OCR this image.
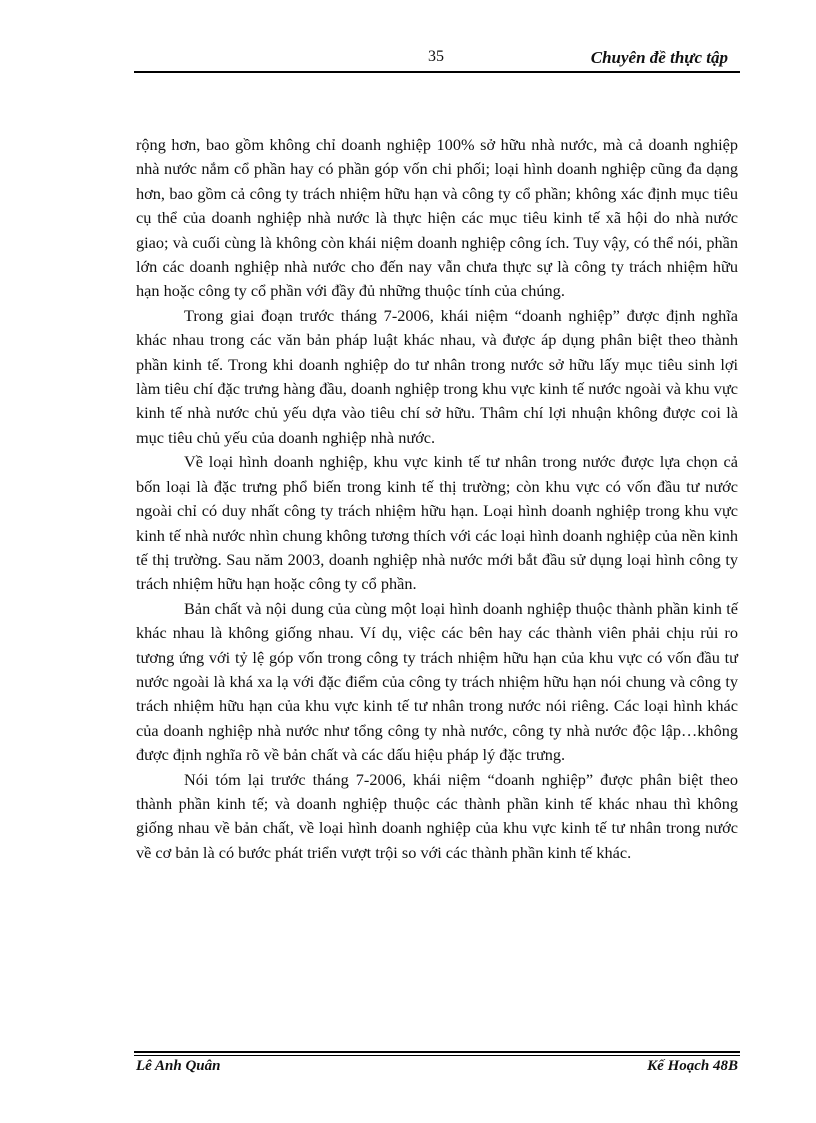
35	Chuyên đề thực tập

rộng hơn, bao gồm không chỉ doanh nghiệp 100% sở hữu nhà nước, mà cả doanh nghiệp nhà nước nắm cổ phần hay có phần góp vốn chi phối; loại hình doanh nghiệp cũng đa dạng hơn, bao gồm cả công ty trách nhiệm hữu hạn và công ty cổ phần; không xác định mục tiêu cụ thể của doanh nghiệp nhà nước là thực hiện các mục tiêu kinh tế xã hội do nhà nước giao; và cuối cùng là không còn khái niệm doanh nghiệp công ích. Tuy vậy, có thể nói, phần lớn các doanh nghiệp nhà nước cho đến nay vẫn chưa thực sự là công ty trách nhiệm hữu hạn hoặc công ty cổ phần với đầy đủ những thuộc tính của chúng.

Trong giai đoạn trước tháng 7-2006, khái niệm “doanh nghiệp” được định nghĩa khác nhau trong các văn bản pháp luật khác nhau, và được áp dụng phân biệt theo thành phần kinh tế. Trong khi doanh nghiệp do tư nhân trong nước sở hữu lấy mục tiêu sinh lợi làm tiêu chí đặc trưng hàng đầu, doanh nghiệp trong khu vực kinh tế nước ngoài và khu vực kinh tế nhà nước chủ yếu dựa vào tiêu chí sở hữu. Thâm chí lợi nhuận không được coi là mục tiêu chủ yếu của doanh nghiệp nhà nước.

Về loại hình doanh nghiệp, khu vực kinh tế tư nhân trong nước được lựa chọn cả bốn loại là đặc trưng phổ biến trong kinh tế thị trường; còn khu vực có vốn đầu tư nước ngoài chỉ có duy nhất công ty trách nhiệm hữu hạn. Loại hình doanh nghiệp trong khu vực kinh tế nhà nước nhìn chung không tương thích với các loại hình doanh nghiệp của nền kinh tế thị trường. Sau năm 2003, doanh nghiệp nhà nước mới bắt đầu sử dụng loại hình công ty trách nhiệm hữu hạn hoặc công ty cổ phần.

Bản chất và nội dung của cùng một loại hình doanh nghiệp thuộc thành phần kinh tế khác nhau là không giống nhau. Ví dụ, việc các bên hay các thành viên phải chịu rủi ro tương ứng với tỷ lệ góp vốn trong công ty trách nhiệm hữu hạn của khu vực có vốn đầu tư nước ngoài là khá xa lạ với đặc điểm của công ty trách nhiệm hữu hạn nói chung và công ty trách nhiệm hữu hạn của khu vực kinh tế tư nhân trong nước nói riêng. Các loại hình khác của doanh nghiệp nhà nước như tổng công ty nhà nước, công ty nhà nước độc lập…không được định nghĩa rõ về bản chất và các dấu hiệu pháp lý đặc trưng.

Nói tóm lại trước tháng 7-2006, khái niệm “doanh nghiệp” được phân biệt theo thành phần kinh tế; và doanh nghiệp thuộc các thành phần kinh tế khác nhau thì không giống nhau về bản chất, về loại hình doanh nghiệp của khu vực kinh tế tư nhân trong nước về cơ bản là có bước phát triển vượt trội so với các thành phần kinh tế khác.

Lê Anh Quân	Kế Hoạch 48B
